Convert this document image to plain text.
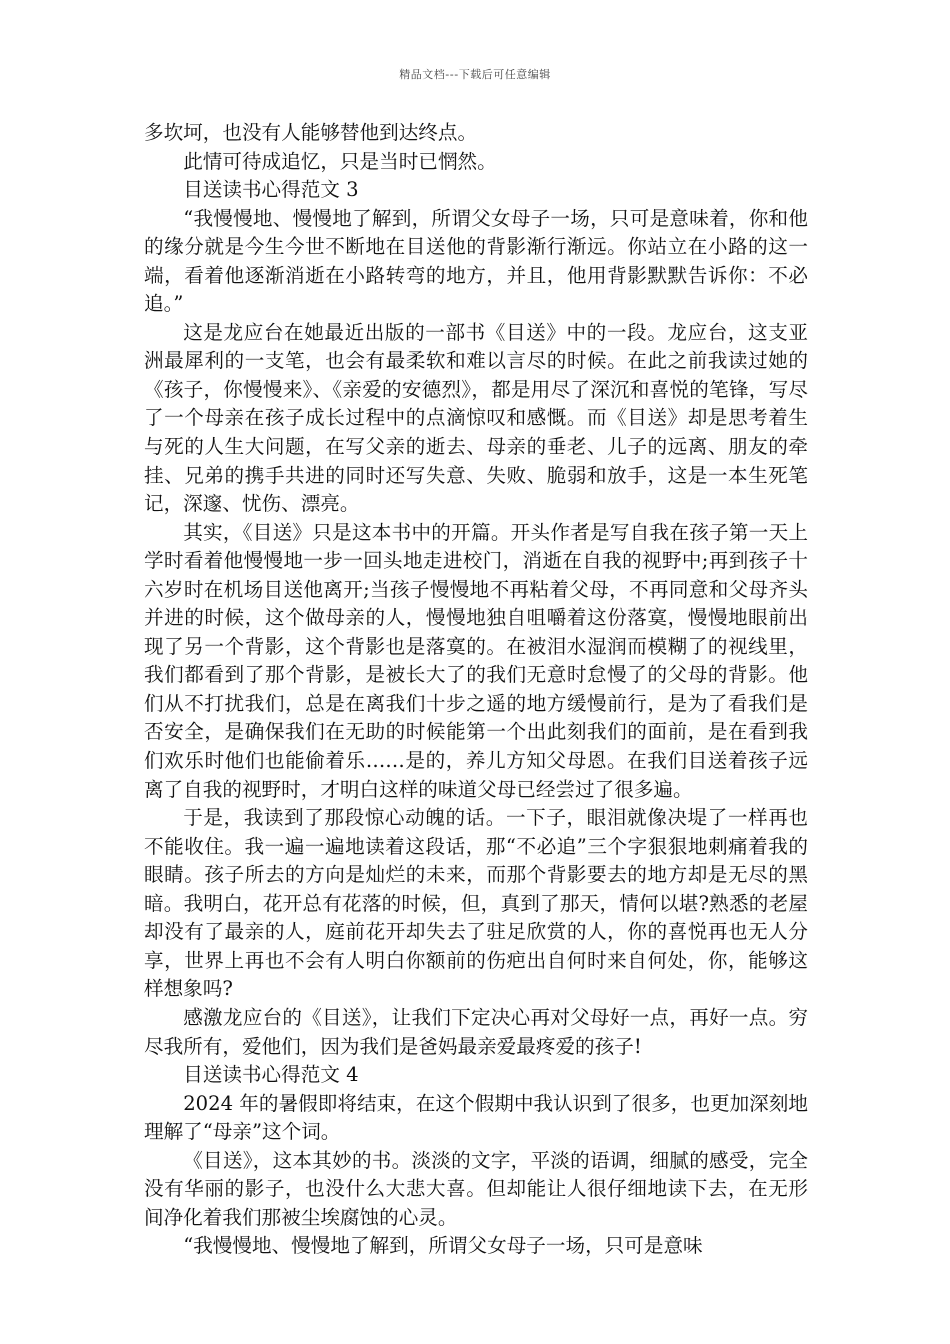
精品文档---下载后可任意编辑

多坎坷，也没有人能够替他到达终点。

此情可待成追忆，只是当时已惘然。

目送读书心得范文 3

“我慢慢地、慢慢地了解到，所谓父女母子一场，只可是意味着，你和他的缘分就是今生今世不断地在目送他的背影渐行渐远。你站立在小路的这一端，看着他逐渐消逝在小路转弯的地方，并且，他用背影默默告诉你：不必追。”

这是龙应台在她最近出版的一部书《目送》中的一段。龙应台，这支亚洲最犀利的一支笔，也会有最柔软和难以言尽的时候。在此之前我读过她的《孩子，你慢慢来》、《亲爱的安德烈》，都是用尽了深沉和喜悦的笔锋，写尽了一个母亲在孩子成长过程中的点滴惊叹和感慨。而《目送》却是思考着生与死的人生大问题，在写父亲的逝去、母亲的垂老、儿子的远离、朋友的牵挂、兄弟的携手共进的同时还写失意、失败、脆弱和放手，这是一本生死笔记，深邃、忧伤、漂亮。

其实，《目送》只是这本书中的开篇。开头作者是写自我在孩子第一天上学时看着他慢慢地一步一回头地走进校门，消逝在自我的视野中;再到孩子十六岁时在机场目送他离开;当孩子慢慢地不再粘着父母，不再同意和父母齐头并进的时候，这个做母亲的人，慢慢地独自咀嚼着这份落寞，慢慢地眼前出现了另一个背影，这个背影也是落寞的。在被泪水湿润而模糊了的视线里，我们都看到了那个背影，是被长大了的我们无意时怠慢了的父母的背影。他们从不打扰我们，总是在离我们十步之遥的地方缓慢前行，是为了看我们是否安全，是确保我们在无助的时候能第一个出此刻我们的面前，是在看到我们欢乐时他们也能偷着乐……是的，养儿方知父母恩。在我们目送着孩子远离了自我的视野时，才明白这样的味道父母已经尝过了很多遍。

于是，我读到了那段惊心动魄的话。一下子，眼泪就像决堤了一样再也不能收住。我一遍一遍地读着这段话，那“不必追”三个字狠狠地刺痛着我的眼睛。孩子所去的方向是灿烂的未来，而那个背影要去的地方却是无尽的黑暗。我明白，花开总有花落的时候，但，真到了那天，情何以堪?熟悉的老屋却没有了最亲的人，庭前花开却失去了驻足欣赏的人，你的喜悦再也无人分享，世界上再也不会有人明白你额前的伤疤出自何时来自何处，你，能够这样想象吗?

感激龙应台的《目送》，让我们下定决心再对父母好一点，再好一点。穷尽我所有，爱他们，因为我们是爸妈最亲爱最疼爱的孩子!

目送读书心得范文 4

2024 年的暑假即将结束，在这个假期中我认识到了很多，也更加深刻地理解了“母亲”这个词。

《目送》，这本其妙的书。淡淡的文字，平淡的语调，细腻的感受，完全没有华丽的影子，也没什么大悲大喜。但却能让人很仔细地读下去，在无形间净化着我们那被尘埃腐蚀的心灵。

“我慢慢地、慢慢地了解到，所谓父女母子一场，只可是意味
